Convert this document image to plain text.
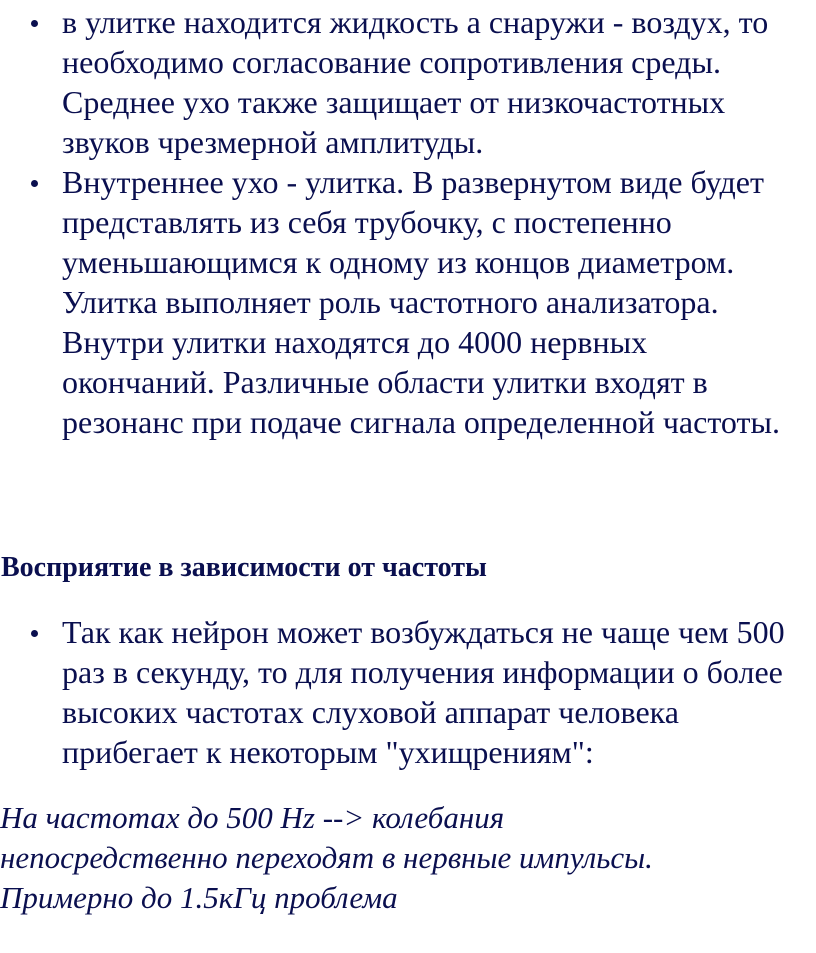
в улитке находится жидкость а снаружи - воздух, то необходимо согласование сопротивления среды. Среднее ухо также защищает от низкочастотных звуков чрезмерной амплитуды.
Внутреннее ухо - улитка. В развернутом виде будет представлять из себя трубочку, с постепенно уменьшающимся к одному из концов диаметром. Улитка выполняет роль частотного анализатора. Внутри улитки находятся до 4000 нервных окончаний. Различные области улитки входят в резонанс при подаче сигнала определенной частоты.
Восприятие в зависимости от частоты
Так как нейрон может возбуждаться не чаще чем 500 раз в секунду, то для получения информации о более высоких частотах слуховой аппарат человека прибегает к некоторым "ухищрениям":

На частотах до 500 Hz --> колебания
непосредственно переходят в нервные импульсы.
Примерно до 1.5кГц проблема
